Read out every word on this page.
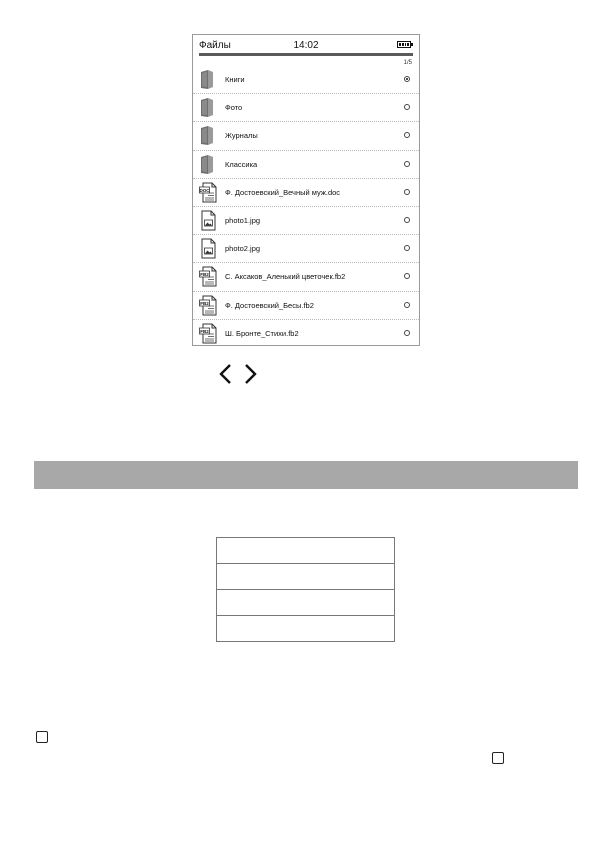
Файлы	14:02
1/5
Книги
Фото
Журналы
Классика
DOC Ф. Достоевский_Вечный муж.doc
photo1.jpg
photo2.jpg
FB2 С. Аксаков_Аленький цветочек.fb2
FB2 Ф. Достоевский_Бесы.fb2
FB2 Ш. Бронте_Стихи.fb2
